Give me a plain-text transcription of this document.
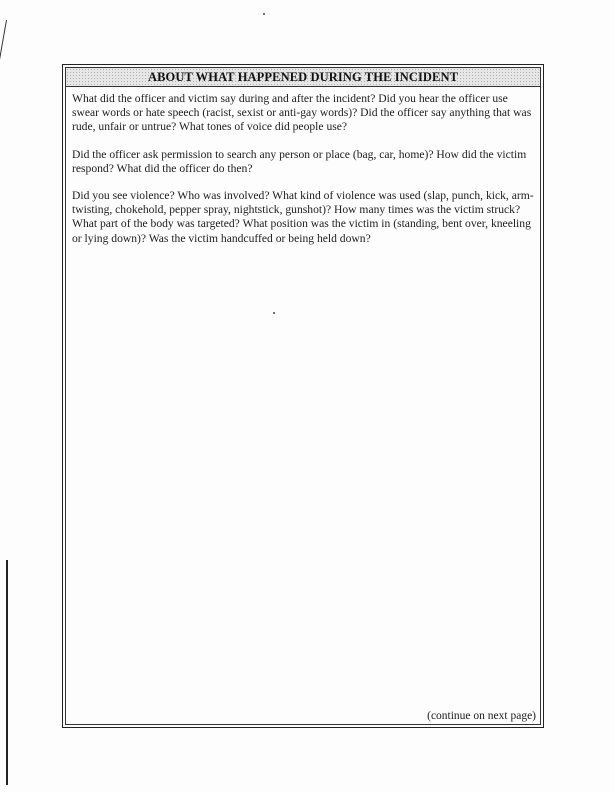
ABOUT WHAT HAPPENED DURING THE INCIDENT

What did the officer and victim say during and after the incident? Did you hear the officer use swear words or hate speech (racist, sexist or anti-gay words)? Did the officer say anything that was rude, unfair or untrue? What tones of voice did people use?

Did the officer ask permission to search any person or place (bag, car, home)? How did the victim respond? What did the officer do then?

Did you see violence? Who was involved? What kind of violence was used (slap, punch, kick, arm-twisting, chokehold, pepper spray, nightstick, gunshot)? How many times was the victim struck? What part of the body was targeted? What position was the victim in (standing, bent over, kneeling or lying down)? Was the victim handcuffed or being held down?

(continue on next page)
